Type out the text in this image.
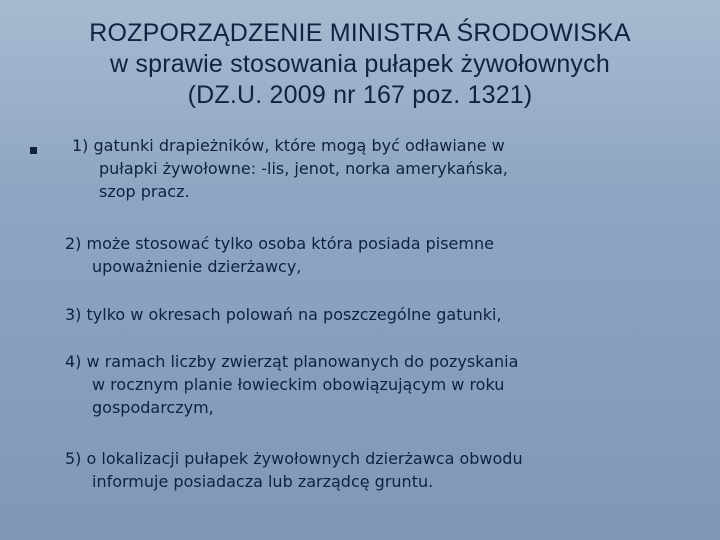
ROZPORZĄDZENIE MINISTRA ŚRODOWISKA
w sprawie stosowania pułapek żywołownych
(DZ.U. 2009 nr 167 poz. 1321)
1) gatunki drapieżników, które mogą być odławiane w
pułapki żywołowne: -lis, jenot, norka amerykańska,
szop pracz.
2) może stosować tylko osoba która posiada pisemne
upoważnienie dzierżawcy,
3) tylko w okresach polowań na poszczególne gatunki,
4) w ramach liczby zwierząt planowanych do pozyskania
w rocznym planie łowieckim obowiązującym w roku
gospodarczym,
5) o lokalizacji pułapek żywołownych dzierżawca obwodu
informuje posiadacza lub zarządcę gruntu.
